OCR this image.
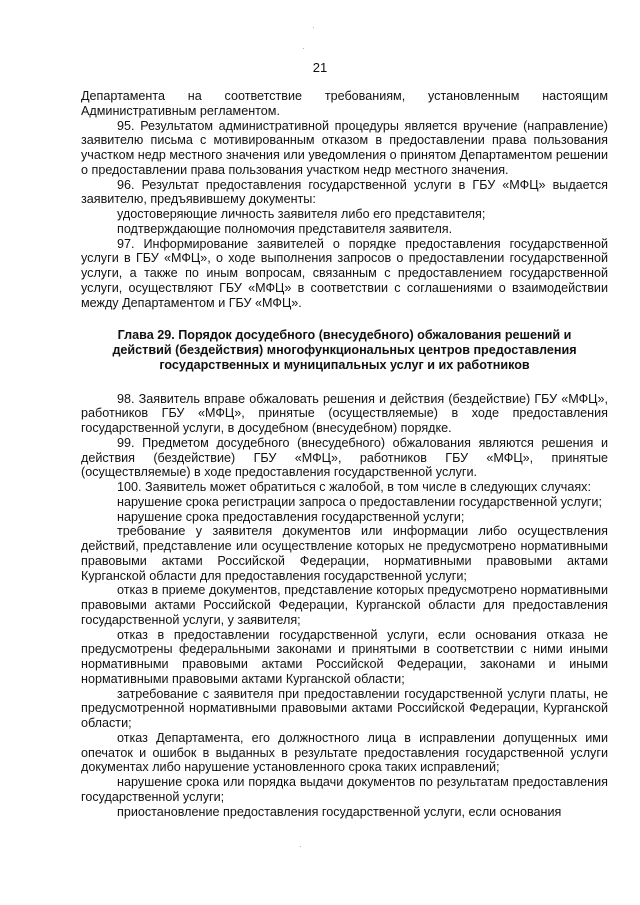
·
·
·
21

Департамента на соответствие требованиям, установленным настоящим Административным регламентом.

95. Результатом административной процедуры является вручение (направление) заявителю письма с мотивированным отказом в предоставлении права пользования участком недр местного значения или уведомления о принятом Департаментом решении о предоставлении права пользования участком недр местного значения.

96. Результат предоставления государственной услуги в ГБУ «МФЦ» выдается заявителю, предъявившему документы:

удостоверяющие личность заявителя либо его представителя;

подтверждающие полномочия представителя заявителя.

97. Информирование заявителей о порядке предоставления государственной услуги в ГБУ «МФЦ», о ходе выполнения запросов о предоставлении государственной услуги, а также по иным вопросам, связанным с предоставлением государственной услуги, осуществляют ГБУ «МФЦ» в соответствии с соглашениями о взаимодействии между Департаментом и ГБУ «МФЦ».

Глава 29. Порядок досудебного (внесудебного) обжалования решений и действий (бездействия) многофункциональных центров предоставления государственных и муниципальных услуг и их работников

98. Заявитель вправе обжаловать решения и действия (бездействие) ГБУ «МФЦ», работников ГБУ «МФЦ», принятые (осуществляемые) в ходе предоставления государственной услуги, в досудебном (внесудебном) порядке.

99. Предметом досудебного (внесудебного) обжалования являются решения и действия (бездействие) ГБУ «МФЦ», работников ГБУ «МФЦ», принятые (осуществляемые) в ходе предоставления государственной услуги.

100. Заявитель может обратиться с жалобой, в том числе в следующих случаях:

нарушение срока регистрации запроса о предоставлении государственной услуги;

нарушение срока предоставления государственной услуги;

требование у заявителя документов или информации либо осуществления действий, представление или осуществление которых не предусмотрено нормативными правовыми актами Российской Федерации, нормативными правовыми актами Курганской области для предоставления государственной услуги;

отказ в приеме документов, представление которых предусмотрено нормативными правовыми актами Российской Федерации, Курганской области для предоставления государственной услуги, у заявителя;

отказ в предоставлении государственной услуги, если основания отказа не предусмотрены федеральными законами и принятыми в соответствии с ними иными нормативными правовыми актами Российской Федерации, законами и иными нормативными правовыми актами Курганской области;

затребование с заявителя при предоставлении государственной услуги платы, не предусмотренной нормативными правовыми актами Российской Федерации, Курганской области;

отказ Департамента, его должностного лица в исправлении допущенных ими опечаток и ошибок в выданных в результате предоставления государственной услуги документах либо нарушение установленного срока таких исправлений;

нарушение срока или порядка выдачи документов по результатам предоставления государственной услуги;

приостановление предоставления государственной услуги, если основания
